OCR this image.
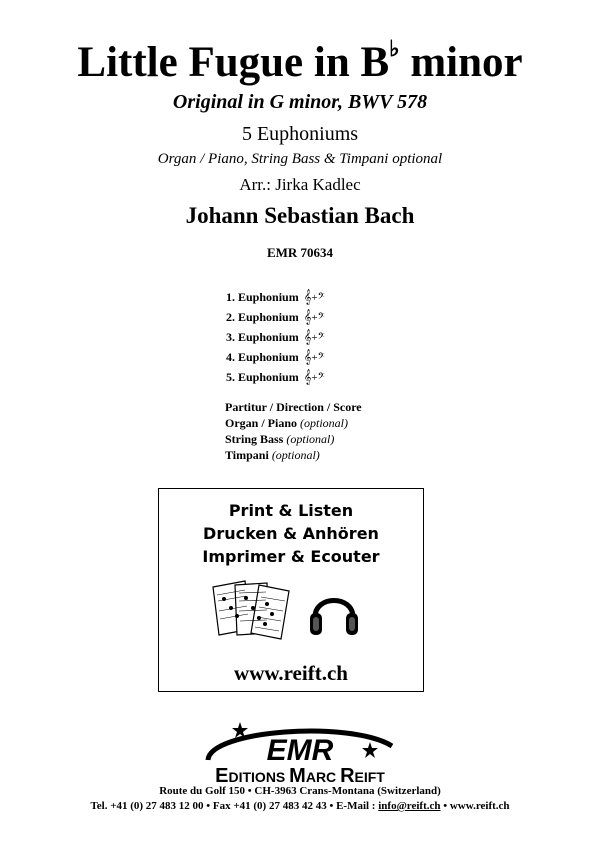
Little Fugue in B♭ minor
Original in G minor, BWV 578
5 Euphoniums
Organ / Piano, String Bass & Timpani optional
Arr.: Jirka Kadlec
Johann Sebastian Bach
EMR 70634
1. Euphonium 𝄞+𝄢
2. Euphonium 𝄞+𝄢
3. Euphonium 𝄞+𝄢
4. Euphonium 𝄞+𝄢
5. Euphonium 𝄞+𝄢
Partitur / Direction / Score
Organ / Piano (optional)
String Bass (optional)
Timpani (optional)
Print & Listen
Drucken & Anhören
Imprimer & Ecouter
www.reift.ch
EMR
EDITIONS MARC REIFT
Route du Golf 150 • CH-3963 Crans-Montana (Switzerland)
Tel. +41 (0) 27 483 12 00 • Fax +41 (0) 27 483 42 43 • E-Mail : info@reift.ch • www.reift.ch
